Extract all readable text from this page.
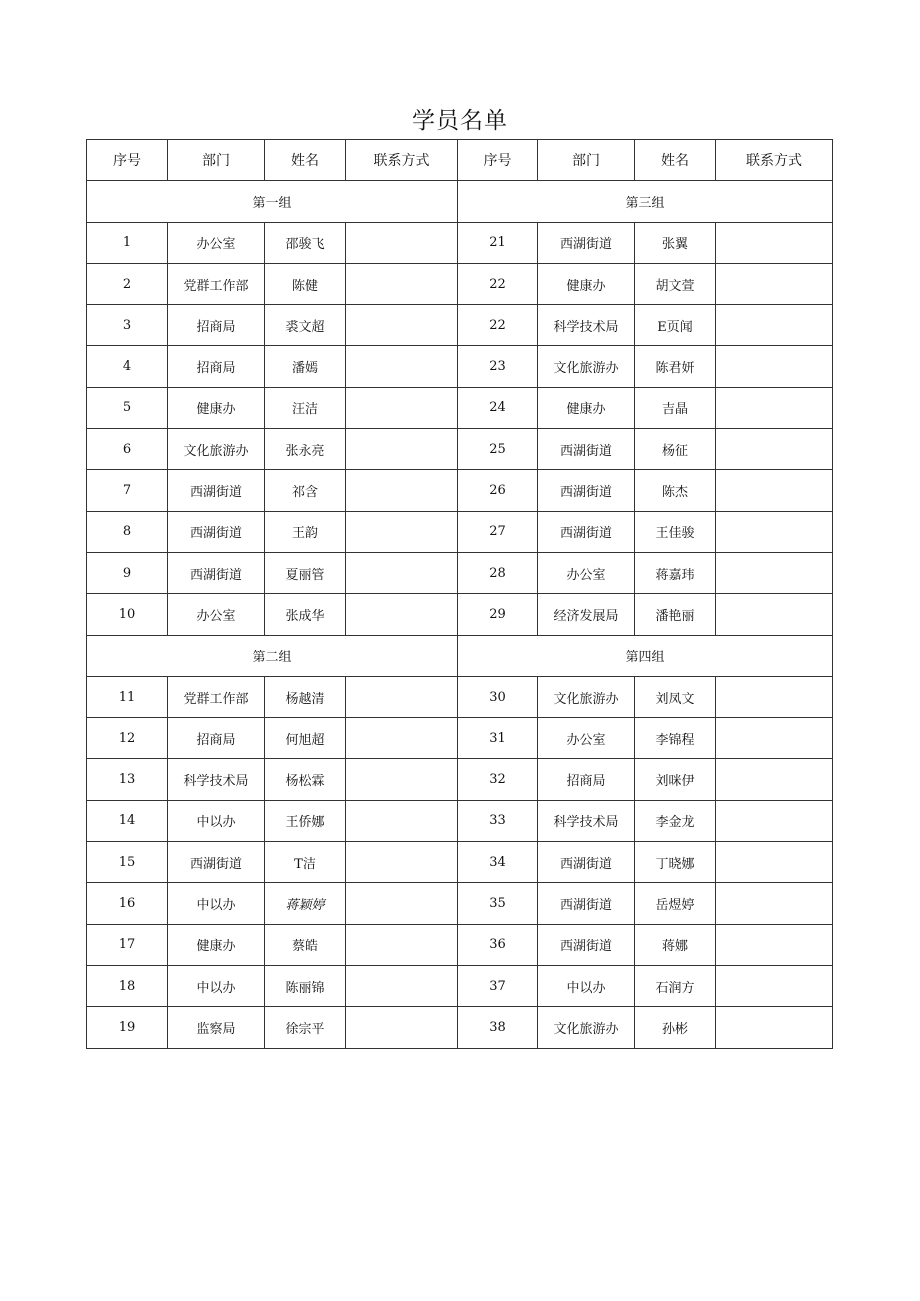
学员名单
序号	部门	姓名	联系方式	序号	部门	姓名	联系方式
第一组				第三组			
1	办公室	邵骏飞		21	西湖街道	张翼	
2	党群工作部	陈健		22	健康办	胡文萱	
3	招商局	裘文超		22	科学技术局	E页闻	
4	招商局	潘嫣		23	文化旅游办	陈君妍	
5	健康办	汪洁		24	健康办	吉晶	
6	文化旅游办	张永亮		25	西湖街道	杨征	
7	西湖街道	祁含		26	西湖街道	陈杰	
8	西湖街道	王韵		27	西湖街道	王佳骏	
9	西湖街道	夏丽管		28	办公室	蒋嘉玮	
10	办公室	张成华		29	经济发展局	潘艳丽	
第二组				第四组			
11	党群工作部	杨越清		30	文化旅游办	刘凤文	
12	招商局	何旭超		31	办公室	李锦程	
13	科学技术局	杨松霖		32	招商局	刘咪伊	
14	中以办	王侨娜		33	科学技术局	李金龙	
15	西湖街道	T洁		34	西湖街道	丁晓娜	
16	中以办	蒋颖婷		35	西湖街道	岳煜婷	
17	健康办	蔡皓		36	西湖街道	蒋娜	
18	中以办	陈丽锦		37	中以办	石润方	
19	监察局	徐宗平		38	文化旅游办	孙彬	
